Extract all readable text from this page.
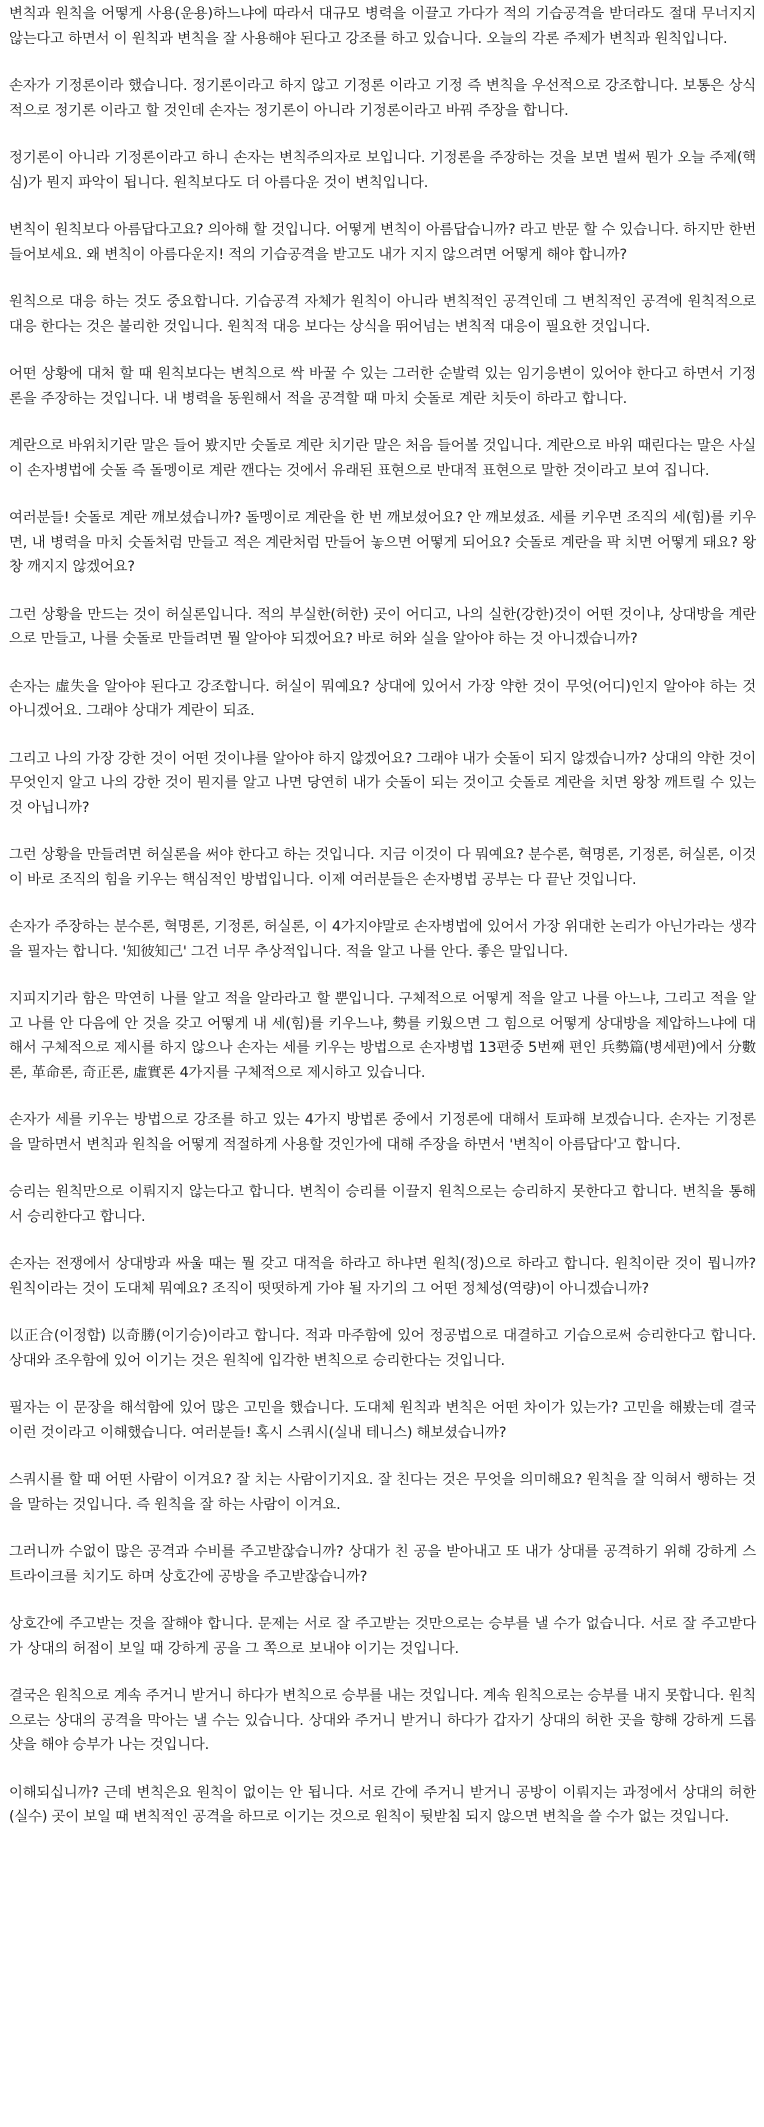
변칙과 원칙을 어떻게 사용(운용)하느냐에 따라서 대규모 병력을 이끌고 가다가 적의 기습공격을 받더라도 절대 무너지지 않는다고 하면서 이 원칙과 변칙을 잘 사용해야 된다고 강조를 하고 있습니다. 오늘의 각론 주제가 변칙과 원칙입니다.

손자가 기정론이라 했습니다. 정기론이라고 하지 않고 기정론 이라고 기정 즉 변칙을 우선적으로 강조합니다. 보통은 상식적으로 정기론 이라고 할 것인데 손자는 정기론이 아니라 기정론이라고 바꿔 주장을 합니다.

정기론이 아니라 기정론이라고 하니 손자는 변칙주의자로 보입니다. 기정론을 주장하는 것을 보면 벌써 뭔가 오늘 주제(핵심)가 뭔지 파악이 됩니다. 원칙보다도 더 아름다운 것이 변칙입니다.

변칙이 원칙보다 아름답다고요? 의아해 할 것입니다. 어떻게 변칙이 아름답습니까? 라고 반문 할 수 있습니다. 하지만 한번 들어보세요. 왜 변칙이 아름다운지! 적의 기습공격을 받고도 내가 지지 않으려면 어떻게 해야 합니까?

원칙으로 대응 하는 것도 중요합니다. 기습공격 자체가 원칙이 아니라 변칙적인 공격인데 그 변칙적인 공격에 원칙적으로 대응 한다는 것은 불리한 것입니다. 원칙적 대응 보다는 상식을 뛰어넘는 변칙적 대응이 필요한 것입니다.

어떤 상황에 대처 할 때 원칙보다는 변칙으로 싹 바꿀 수 있는 그러한 순발력 있는 임기응변이 있어야 한다고 하면서 기정론을 주장하는 것입니다. 내 병력을 동원해서 적을 공격할 때 마치 숫돌로 계란 치듯이 하라고 합니다.

계란으로 바위치기란 말은 들어 봤지만 숫돌로 계란 치기란 말은 처음 들어볼 것입니다. 계란으로 바위 때린다는 말은 사실 이 손자병법에 숫돌 즉 돌멩이로 계란 깬다는 것에서 유래된 표현으로 반대적 표현으로 말한 것이라고 보여 집니다.

여러분들! 숫돌로 계란 깨보셨습니까? 돌멩이로 계란을 한 번 깨보셨어요? 안 깨보셨죠. 세를 키우면 조직의 세(힘)를 키우면, 내 병력을 마치 숫돌처럼 만들고 적은 계란처럼 만들어 놓으면 어떻게 되어요? 숫돌로 계란을 팍 치면 어떻게 돼요? 왕창 깨지지 않겠어요?

그런 상황을 만드는 것이 허실론입니다. 적의 부실한(허한) 곳이 어디고, 나의 실한(강한)것이 어떤 것이냐, 상대방을 계란으로 만들고, 나를 숫돌로 만들려면 뭘 알아야 되겠어요? 바로 허와 실을 알아야 하는 것 아니겠습니까?

손자는 虛失을 알아야 된다고 강조합니다. 허실이 뭐예요? 상대에 있어서 가장 약한 것이 무엇(어디)인지 알아야 하는 것 아니겠어요. 그래야 상대가 계란이 되죠.

그리고 나의 가장 강한 것이 어떤 것이냐를 알아야 하지 않겠어요? 그래야 내가 숫돌이 되지 않겠습니까? 상대의 약한 것이 무엇인지 알고 나의 강한 것이 뭔지를 알고 나면 당연히 내가 숫돌이 되는 것이고 숫돌로 계란을 치면 왕창 깨트릴 수 있는 것 아닙니까?

그런 상황을 만들려면 허실론을 써야 한다고 하는 것입니다. 지금 이것이 다 뭐예요? 분수론, 혁명론, 기정론, 허실론, 이것이 바로 조직의 힘을 키우는 핵심적인 방법입니다. 이제 여러분들은 손자병법 공부는 다 끝난 것입니다.

손자가 주장하는 분수론, 혁명론, 기정론, 허실론, 이 4가지야말로 손자병법에 있어서 가장 위대한 논리가 아닌가라는 생각을 필자는 합니다. '知彼知己' 그건 너무 추상적입니다. 적을 알고 나를 안다. 좋은 말입니다.

지피지기라 함은 막연히 나를 알고 적을 알라라고 할 뿐입니다. 구체적으로 어떻게 적을 알고 나를 아느냐, 그리고 적을 알고 나를 안 다음에 안 것을 갖고 어떻게 내 세(힘)를 키우느냐, 勢를 키웠으면 그 힘으로 어떻게 상대방을 제압하느냐에 대해서 구체적으로 제시를 하지 않으나 손자는 세를 키우는 방법으로 손자병법 13편중 5번째 편인 兵勢篇(병세편)에서 分數론, 革命론, 奇正론, 虛實론 4가지를 구체적으로 제시하고 있습니다.

손자가 세를 키우는 방법으로 강조를 하고 있는 4가지 방법론 중에서 기정론에 대해서 토파해 보겠습니다. 손자는 기정론을 말하면서 변칙과 원칙을 어떻게 적절하게 사용할 것인가에 대해 주장을 하면서 '변칙이 아름답다'고 합니다.

승리는 원칙만으로 이뤄지지 않는다고 합니다. 변칙이 승리를 이끌지 원칙으로는 승리하지 못한다고 합니다. 변칙을 통해서 승리한다고 합니다.

손자는 전쟁에서 상대방과 싸울 때는 뭘 갖고 대적을 하라고 하냐면 원칙(정)으로 하라고 합니다. 원칙이란 것이 뭡니까? 원칙이라는 것이 도대체 뭐예요? 조직이 떳떳하게 가야 될 자기의 그 어떤 정체성(역량)이 아니겠습니까?

以正合(이정합) 以奇勝(이기승)이라고 합니다. 적과 마주함에 있어 정공법으로 대결하고 기습으로써 승리한다고 합니다. 상대와 조우함에 있어 이기는 것은 원칙에 입각한 변칙으로 승리한다는 것입니다.

필자는 이 문장을 해석함에 있어 많은 고민을 했습니다. 도대체 원칙과 변칙은 어떤 차이가 있는가? 고민을 해봤는데 결국 이런 것이라고 이해했습니다. 여러분들! 혹시 스쿼시(실내 테니스) 해보셨습니까?

스쿼시를 할 때 어떤 사람이 이겨요? 잘 치는 사람이기지요. 잘 친다는 것은 무엇을 의미해요? 원칙을 잘 익혀서 행하는 것을 말하는 것입니다. 즉 원칙을 잘 하는 사람이 이겨요.

그러니까 수없이 많은 공격과 수비를 주고받잖습니까? 상대가 친 공을 받아내고 또 내가 상대를 공격하기 위해 강하게 스트라이크를 치기도 하며 상호간에 공방을 주고받잖습니까?

상호간에 주고받는 것을 잘해야 합니다. 문제는 서로 잘 주고받는 것만으로는 승부를 낼 수가 없습니다. 서로 잘 주고받다가 상대의 허점이 보일 때 강하게 공을 그 쪽으로 보내야 이기는 것입니다.

결국은 원칙으로 계속 주거니 받거니 하다가 변칙으로 승부를 내는 것입니다. 계속 원칙으로는 승부를 내지 못합니다. 원칙으로는 상대의 공격을 막아는 낼 수는 있습니다. 상대와 주거니 받거니 하다가 갑자기 상대의 허한 곳을 향해 강하게 드롭샷을 해야 승부가 나는 것입니다.

이해되십니까? 근데 변칙은요 원칙이 없이는 안 됩니다. 서로 간에 주거니 받거니 공방이 이뤄지는 과정에서 상대의 허한(실수) 곳이 보일 때 변칙적인 공격을 하므로 이기는 것으로 원칙이 뒷받침 되지 않으면 변칙을 쓸 수가 없는 것입니다.
